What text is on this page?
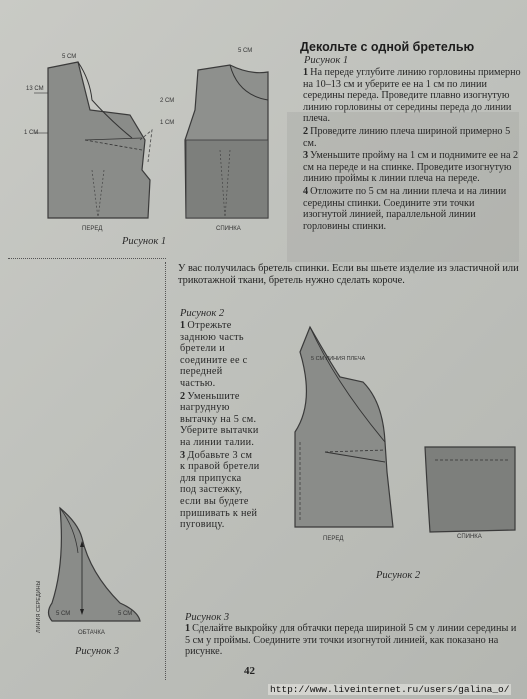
5 СМ
13 СМ
1 СМ
5 СМ
2 СМ
1 СМ
ПЕРЕД	СПИНКА
Рисунок 1
Декольте с одной бретелью
Рисунок 1
1 На переде углубите линию горловины примерно на 10–13 см и уберите ее на 1 см по линии середины переда. Проведите плавно изогнутую линию горловины от середины переда до линии плеча.
2 Проведите линию плеча шириной примерно 5 см.
3 Уменьшите пройму на 1 см и поднимите ее на 2 см на переде и на спинке. Проведите изогнутую линию проймы к линии плеча на переде.
4 Отложите по 5 см на линии плеча и на линии середины спинки. Соедините эти точки изогнутой линией, параллельной линии горловины спинки.
У вас получилась бретель спинки. Если вы шьете изделие из эластичной или трикотажной ткани, бретель нужно сделать короче.
Рисунок 2
1 Отрежьте заднюю часть бретели и соедините ее с передней частью.
2 Уменьшите нагрудную вытачку на 5 см. Уберите вытачки на линии талии.
3 Добавьте 3 см к правой бретели для припуска под застежку, если вы будете пришивать к ней пуговицу.
5 СМ ЛИНИЯ ПЛЕЧА
ПЕРЕД	СПИНКА
Рисунок 2
5 СМ	5 СМ
ОБТАЧКА
ЛИНИЯ СЕРЕДИНЫ
Рисунок 3
Рисунок 3
1 Сделайте выкройку для обтачки переда шириной 5 см у линии середины и 5 см у проймы. Соедините эти точки изогнутой линией, как показано на рисунке.
42
http://www.liveinternet.ru/users/galina_o/
